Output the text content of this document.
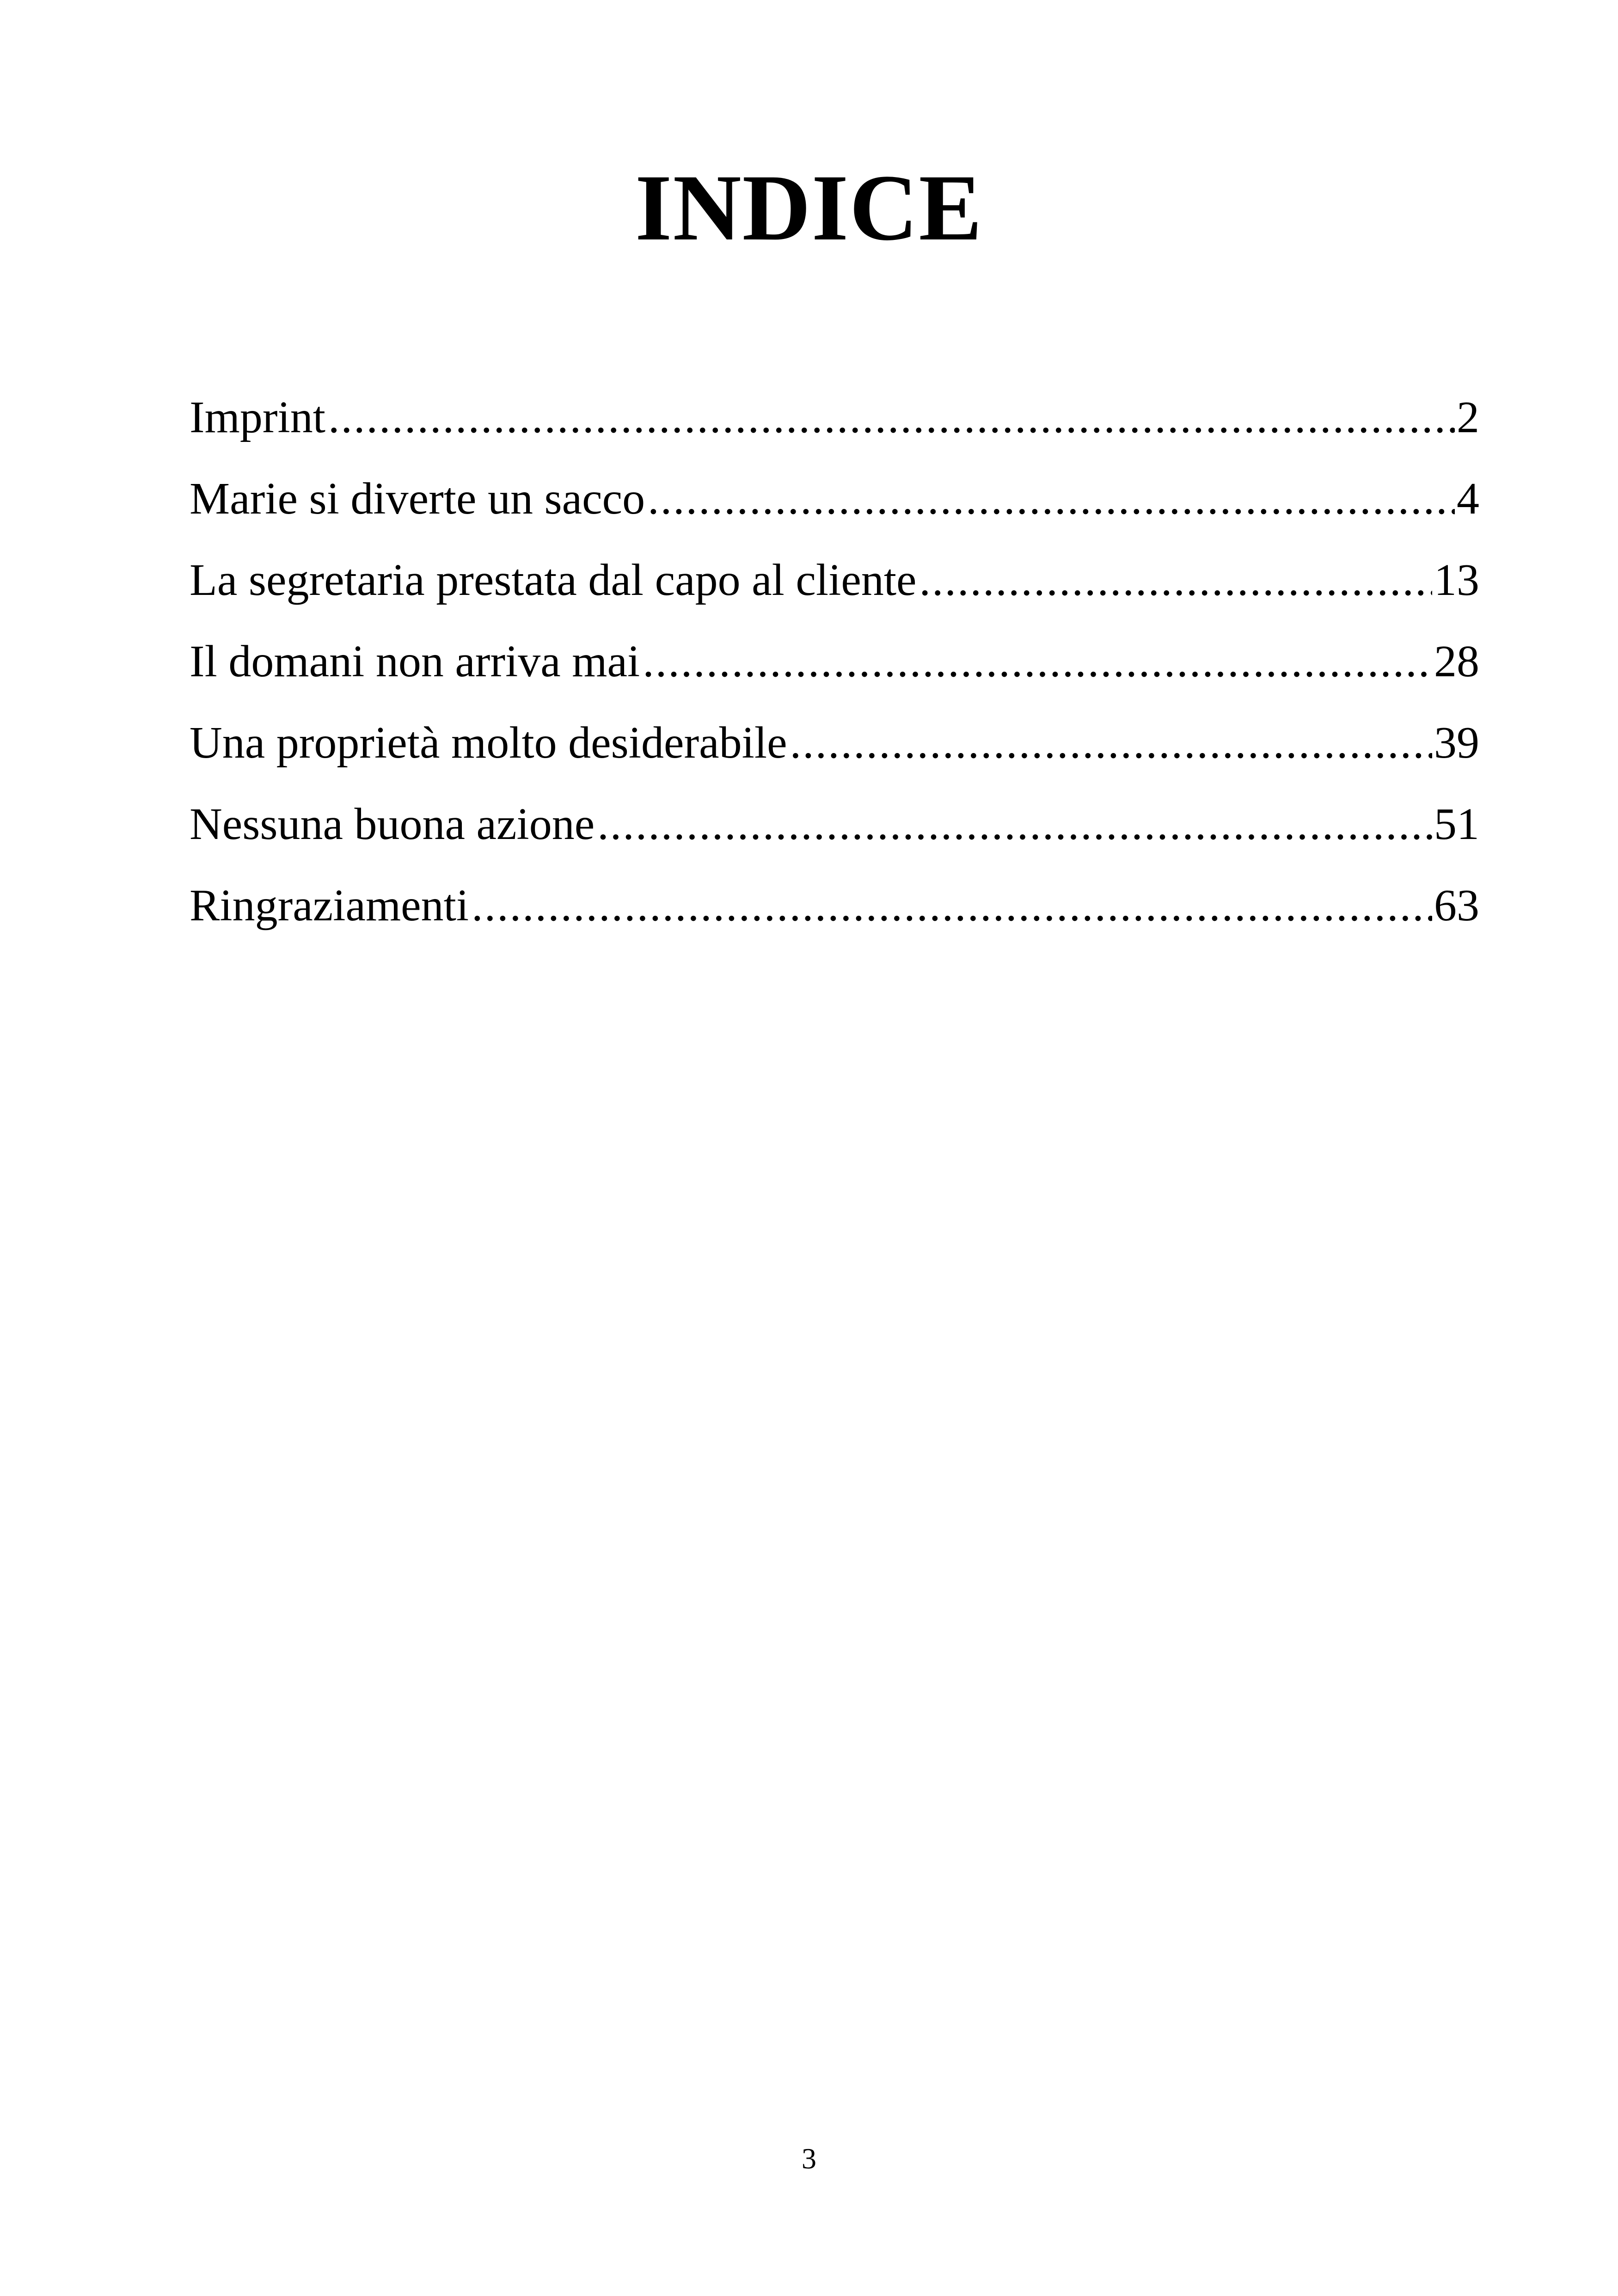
INDICE
Imprint .....	2
Marie si diverte un sacco .....	4
La segretaria prestata dal capo al cliente .....	13
Il domani non arriva mai .....	28
Una proprietà molto desiderabile .....	39
Nessuna buona azione .....	51
Ringraziamenti .....	63
3
